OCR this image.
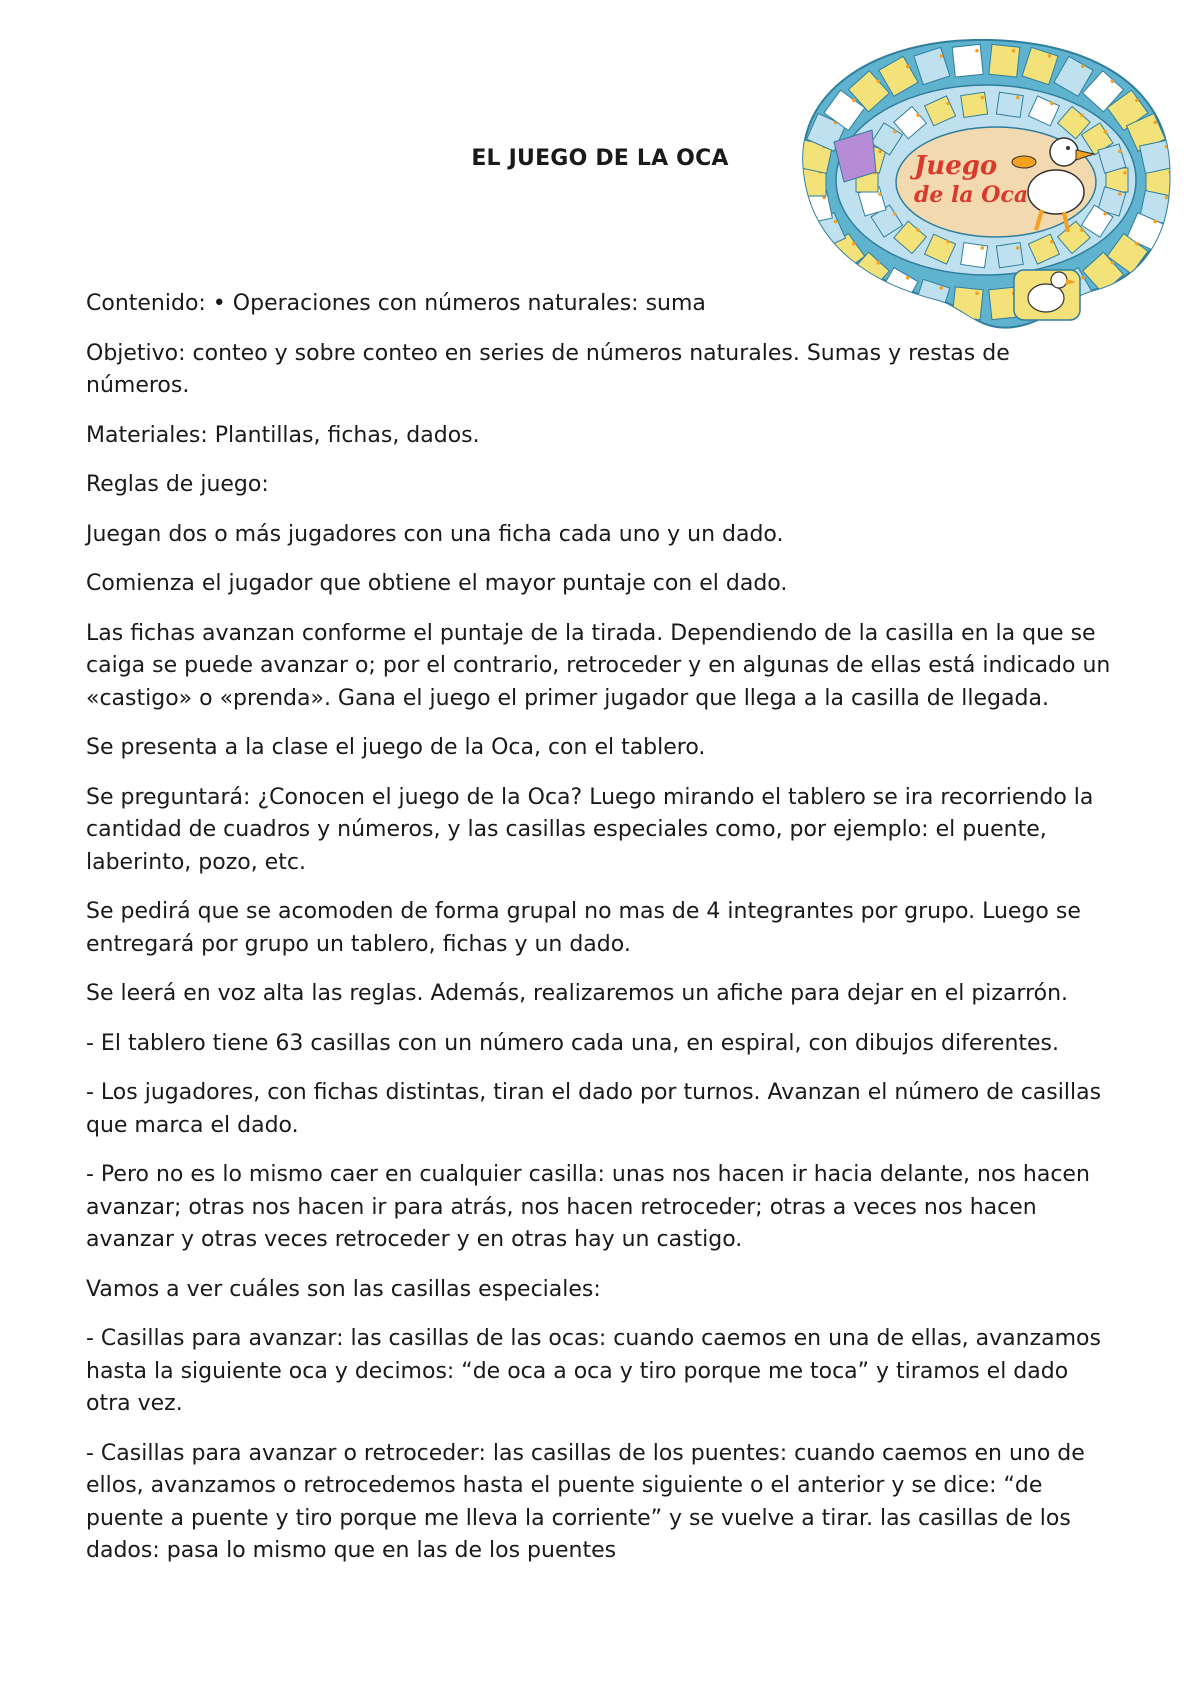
Juego
de la Oca
EL JUEGO DE LA OCA

Contenido: • Operaciones con números naturales: suma

Objetivo: conteo y sobre conteo en series de números naturales. Sumas y restas de números.

Materiales: Plantillas, fichas, dados.

Reglas de juego:

Juegan dos o más jugadores con una ficha cada uno y un dado.

Comienza el jugador que obtiene el mayor puntaje con el dado.

Las fichas avanzan conforme el puntaje de la tirada. Dependiendo de la casilla en la que se caiga se puede avanzar o; por el contrario, retroceder y en algunas de ellas está indicado un «castigo» o «prenda». Gana el juego el primer jugador que llega a la casilla de llegada.

Se presenta a la clase el juego de la Oca, con el tablero.

Se preguntará: ¿Conocen el juego de la Oca? Luego mirando el tablero se ira recorriendo la cantidad de cuadros y números, y las casillas especiales como, por ejemplo: el puente, laberinto, pozo, etc.

Se pedirá que se acomoden de forma grupal no mas de 4 integrantes por grupo. Luego se entregará por grupo un tablero, fichas y un dado.

Se leerá en voz alta las reglas. Además, realizaremos un afiche para dejar en el pizarrón.

- El tablero tiene 63 casillas con un número cada una, en espiral, con dibujos diferentes.

- Los jugadores, con fichas distintas, tiran el dado por turnos. Avanzan el número de casillas que marca el dado.

- Pero no es lo mismo caer en cualquier casilla: unas nos hacen ir hacia delante, nos hacen avanzar; otras nos hacen ir para atrás, nos hacen retroceder; otras a veces nos hacen avanzar y otras veces retroceder y en otras hay un castigo.

Vamos a ver cuáles son las casillas especiales:

- Casillas para avanzar: las casillas de las ocas: cuando caemos en una de ellas, avanzamos hasta la siguiente oca y decimos: “de oca a oca y tiro porque me toca” y tiramos el dado otra vez.

- Casillas para avanzar o retroceder: las casillas de los puentes: cuando caemos en uno de ellos, avanzamos o retrocedemos hasta el puente siguiente o el anterior y se dice: “de puente a puente y tiro porque me lleva la corriente” y se vuelve a tirar. las casillas de los dados: pasa lo mismo que en las de los puentes
